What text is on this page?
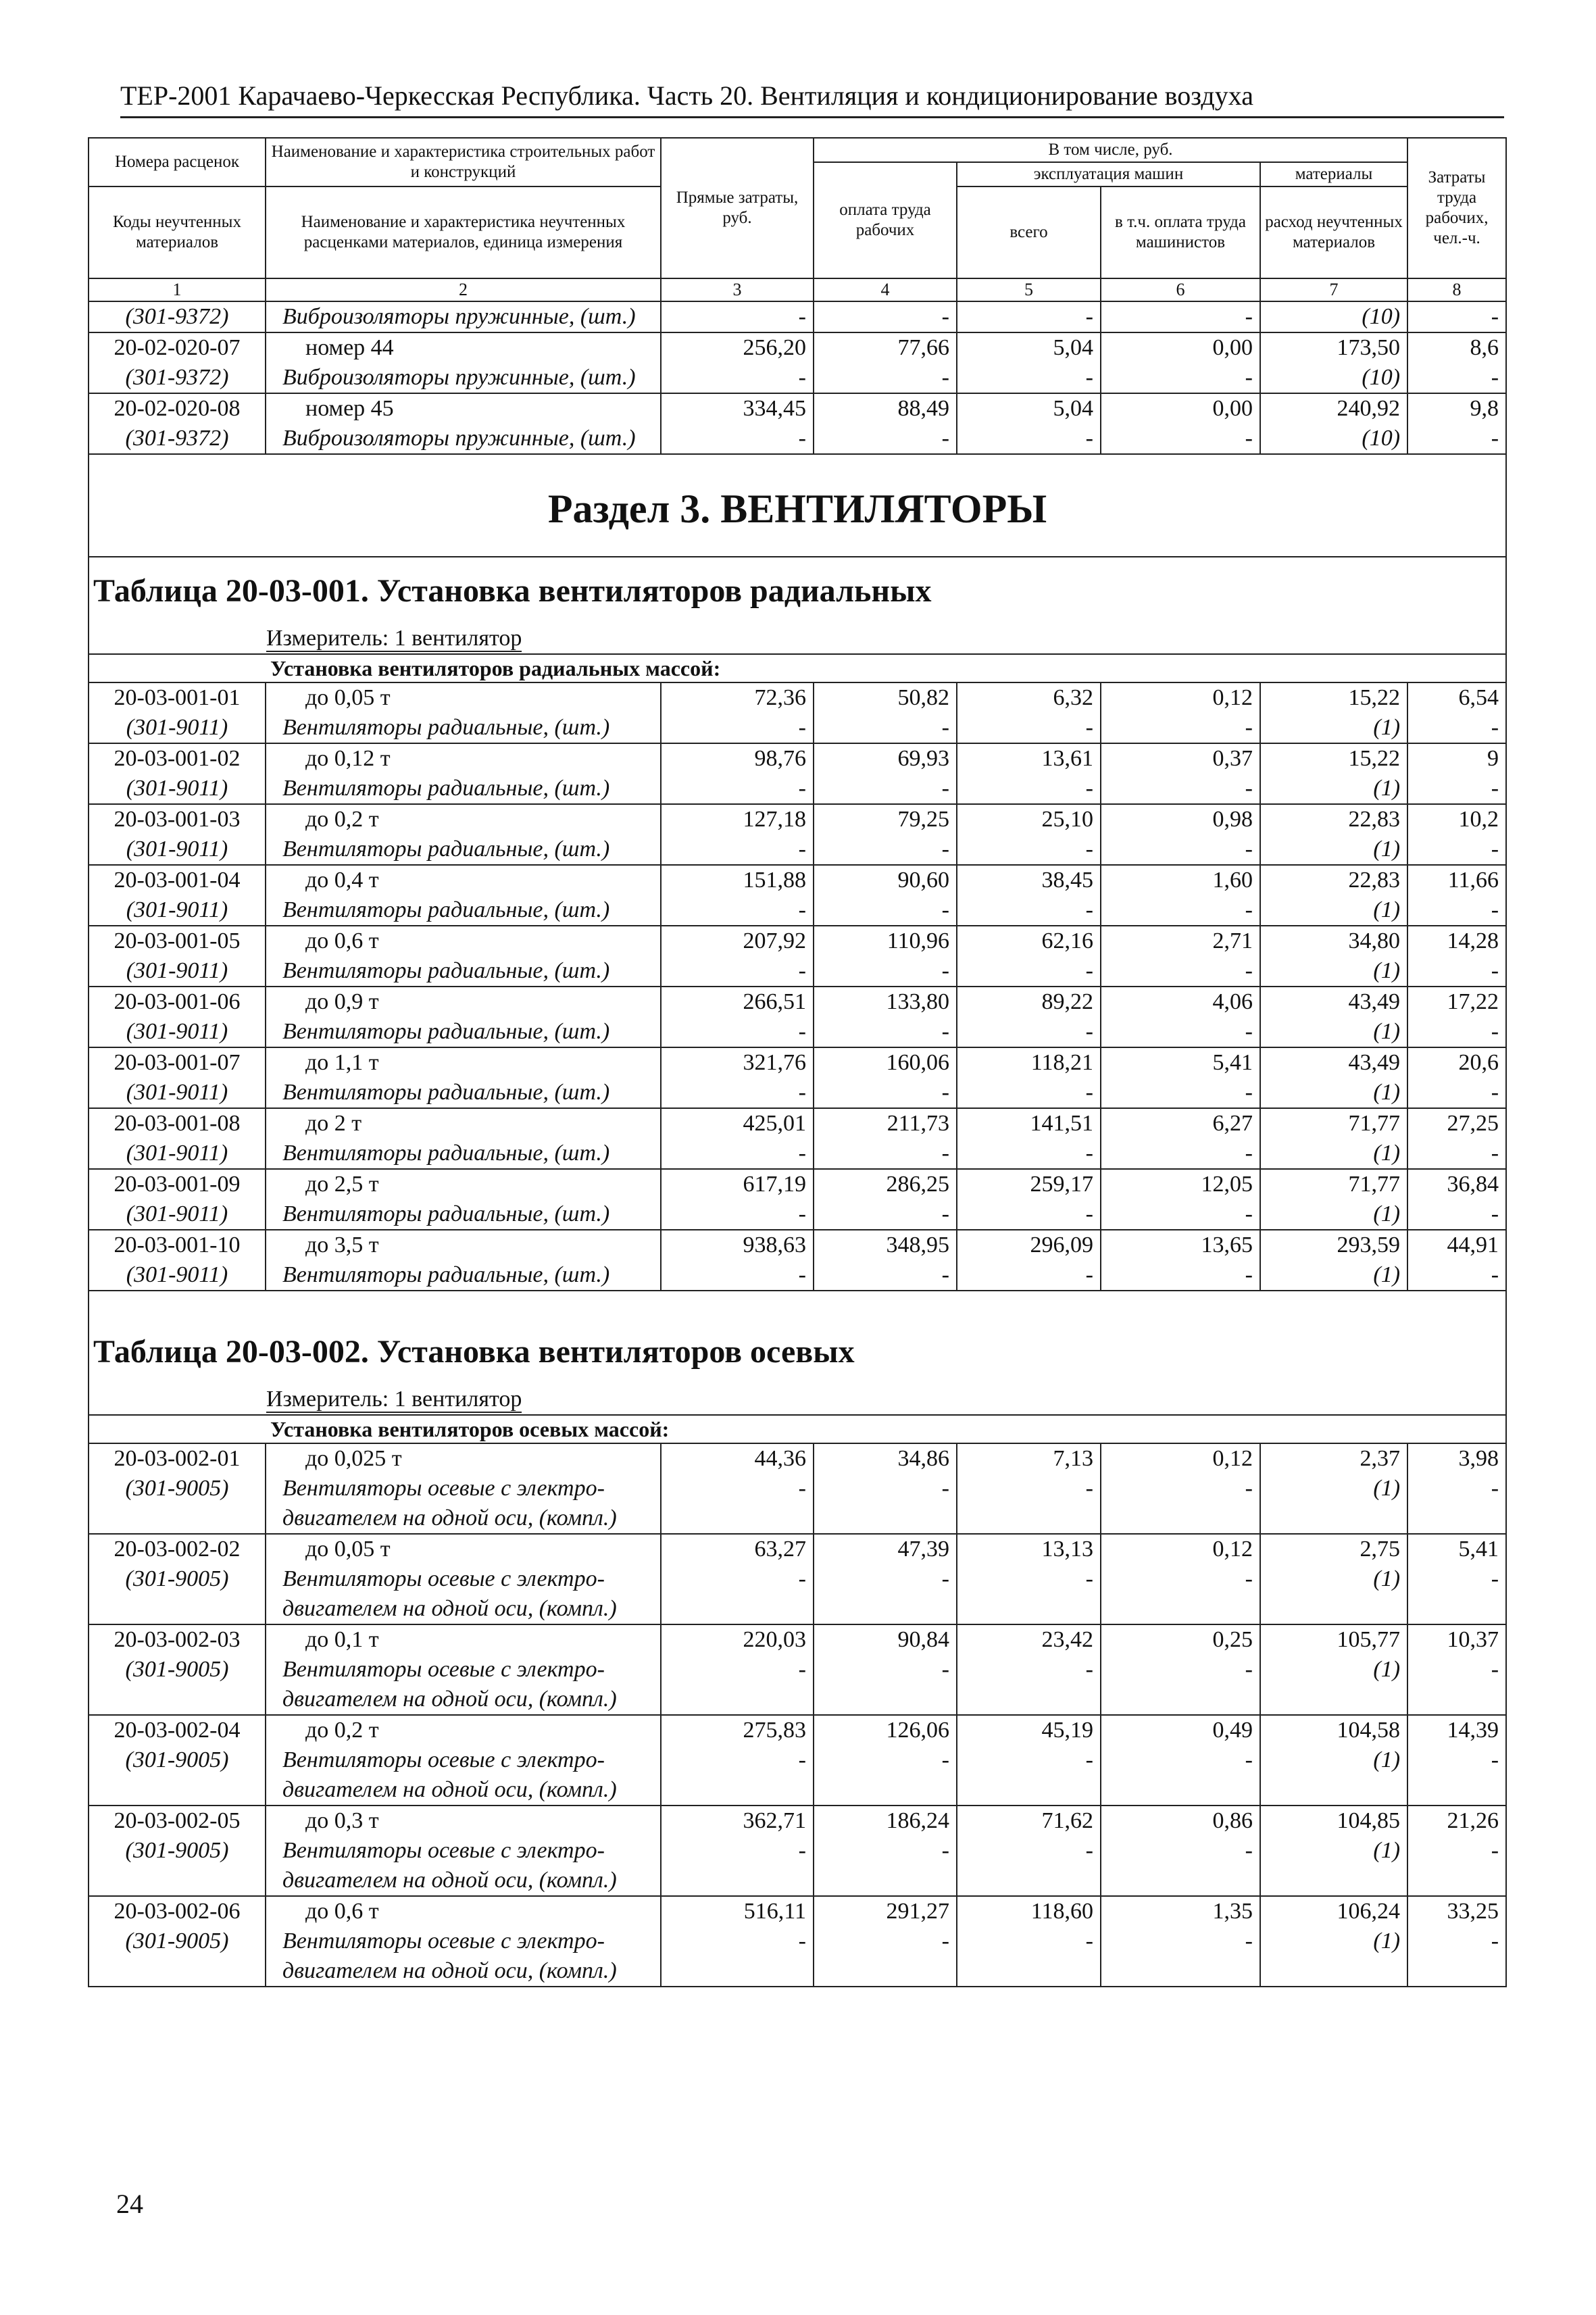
ТЕР-2001 Карачаево-Черкесская Республика. Часть 20. Вентиляция и кондиционирование воздуха
Номера расценок	Наименование и характеристика строительных работ и конструкций	Прямые затраты, руб.	В том числе, руб.				Затраты труда рабочих, чел.-ч.
			оплата труда рабочих	эксплуатация машин		материалы	
Коды неучтенных материалов	Наименование и характеристика неучтенных расценками материалов, единица измерения			всего	в т.ч. оплата труда машинистов	расход неучтенных материалов	

1	2	3	4	5	6	7	8
(301-9372)	Виброизоляторы пружинные, (шт.)	-	-	-	-	(10)	-
20-02-020-07	номер 44	256,20	77,66	5,04	0,00	173,50	8,6
(301-9372)	Виброизоляторы пружинные, (шт.)	-	-	-	-	(10)	-
20-02-020-08	номер 45	334,45	88,49	5,04	0,00	240,92	9,8
(301-9372)	Виброизоляторы пружинные, (шт.)	-	-	-	-	(10)	-
Раздел 3. ВЕНТИЛЯТОРЫ							
Таблица 20-03-001. Установка вентиляторов радиальных							
Измеритель: 1 вентилятор							
Установка вентиляторов радиальных массой:							
20-03-001-01	до 0,05 т	72,36	50,82	6,32	0,12	15,22	6,54
(301-9011)	Вентиляторы радиальные, (шт.)	-	-	-	-	(1)	-
20-03-001-02	до 0,12 т	98,76	69,93	13,61	0,37	15,22	9
(301-9011)	Вентиляторы радиальные, (шт.)	-	-	-	-	(1)	-
20-03-001-03	до 0,2 т	127,18	79,25	25,10	0,98	22,83	10,2
(301-9011)	Вентиляторы радиальные, (шт.)	-	-	-	-	(1)	-
20-03-001-04	до 0,4 т	151,88	90,60	38,45	1,60	22,83	11,66
(301-9011)	Вентиляторы радиальные, (шт.)	-	-	-	-	(1)	-
20-03-001-05	до 0,6 т	207,92	110,96	62,16	2,71	34,80	14,28
(301-9011)	Вентиляторы радиальные, (шт.)	-	-	-	-	(1)	-
20-03-001-06	до 0,9 т	266,51	133,80	89,22	4,06	43,49	17,22
(301-9011)	Вентиляторы радиальные, (шт.)	-	-	-	-	(1)	-
20-03-001-07	до 1,1 т	321,76	160,06	118,21	5,41	43,49	20,6
(301-9011)	Вентиляторы радиальные, (шт.)	-	-	-	-	(1)	-
20-03-001-08	до 2 т	425,01	211,73	141,51	6,27	71,77	27,25
(301-9011)	Вентиляторы радиальные, (шт.)	-	-	-	-	(1)	-
20-03-001-09	до 2,5 т	617,19	286,25	259,17	12,05	71,77	36,84
(301-9011)	Вентиляторы радиальные, (шт.)	-	-	-	-	(1)	-
20-03-001-10	до 3,5 т	938,63	348,95	296,09	13,65	293,59	44,91
(301-9011)	Вентиляторы радиальные, (шт.)	-	-	-	-	(1)	-

Таблица 20-03-002. Установка вентиляторов осевых							
Измеритель: 1 вентилятор							
Установка вентиляторов осевых массой:							
20-03-002-01	до 0,025 т	44,36	34,86	7,13	0,12	2,37	3,98
(301-9005)	Вентиляторы осевые с электро-	-	-	-	-	(1)	-
	двигателем на одной оси, (компл.)						
20-03-002-02	до 0,05 т	63,27	47,39	13,13	0,12	2,75	5,41
(301-9005)	Вентиляторы осевые с электро-	-	-	-	-	(1)	-
	двигателем на одной оси, (компл.)						
20-03-002-03	до 0,1 т	220,03	90,84	23,42	0,25	105,77	10,37
(301-9005)	Вентиляторы осевые с электро-	-	-	-	-	(1)	-
	двигателем на одной оси, (компл.)						
20-03-002-04	до 0,2 т	275,83	126,06	45,19	0,49	104,58	14,39
(301-9005)	Вентиляторы осевые с электро-	-	-	-	-	(1)	-
	двигателем на одной оси, (компл.)						
20-03-002-05	до 0,3 т	362,71	186,24	71,62	0,86	104,85	21,26
(301-9005)	Вентиляторы осевые с электро-	-	-	-	-	(1)	-
	двигателем на одной оси, (компл.)						
20-03-002-06	до 0,6 т	516,11	291,27	118,60	1,35	106,24	33,25
(301-9005)	Вентиляторы осевые с электро-	-	-	-	-	(1)	-
	двигателем на одной оси, (компл.)						
24
